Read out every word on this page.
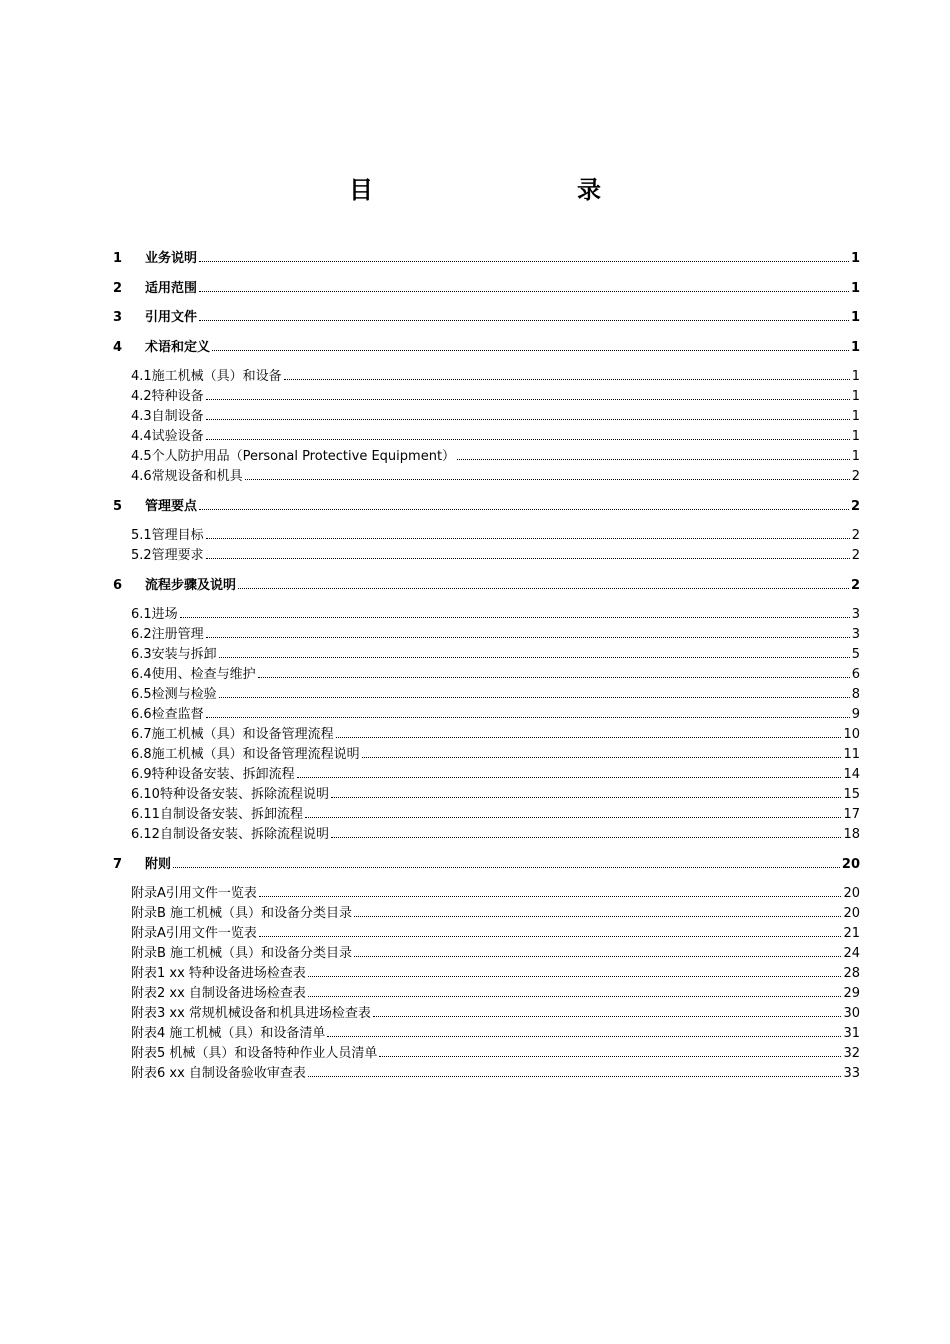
目　　录
1	业务说明	1
2	适用范围	1
3	引用文件	1
4	术语和定义	1
4.1施工机械（具）和设备	1
4.2特种设备	1
4.3自制设备	1
4.4试验设备	1
4.5个人防护用品（Personal Protective Equipment）	1
4.6常规设备和机具	2
5	管理要点	2
5.1管理目标	2
5.2管理要求	2
6	流程步骤及说明	2
6.1进场	3
6.2注册管理	3
6.3安装与拆卸	5
6.4使用、检查与维护	6
6.5检测与检验	8
6.6检查监督	9
6.7施工机械（具）和设备管理流程	10
6.8施工机械（具）和设备管理流程说明	11
6.9特种设备安装、拆卸流程	14
6.10特种设备安装、拆除流程说明	15
6.11自制设备安装、拆卸流程	17
6.12自制设备安装、拆除流程说明	18
7	附则	20
附录A引用文件一览表	20
附录B 施工机械（具）和设备分类目录	20
附录A引用文件一览表	21
附录B 施工机械（具）和设备分类目录	24
附表1 xx 特种设备进场检查表	28
附表2 xx 自制设备进场检查表	29
附表3 xx 常规机械设备和机具进场检查表	30
附表4 施工机械（具）和设备清单	31
附表5 机械（具）和设备特种作业人员清单	32
附表6 xx 自制设备验收审查表	33
